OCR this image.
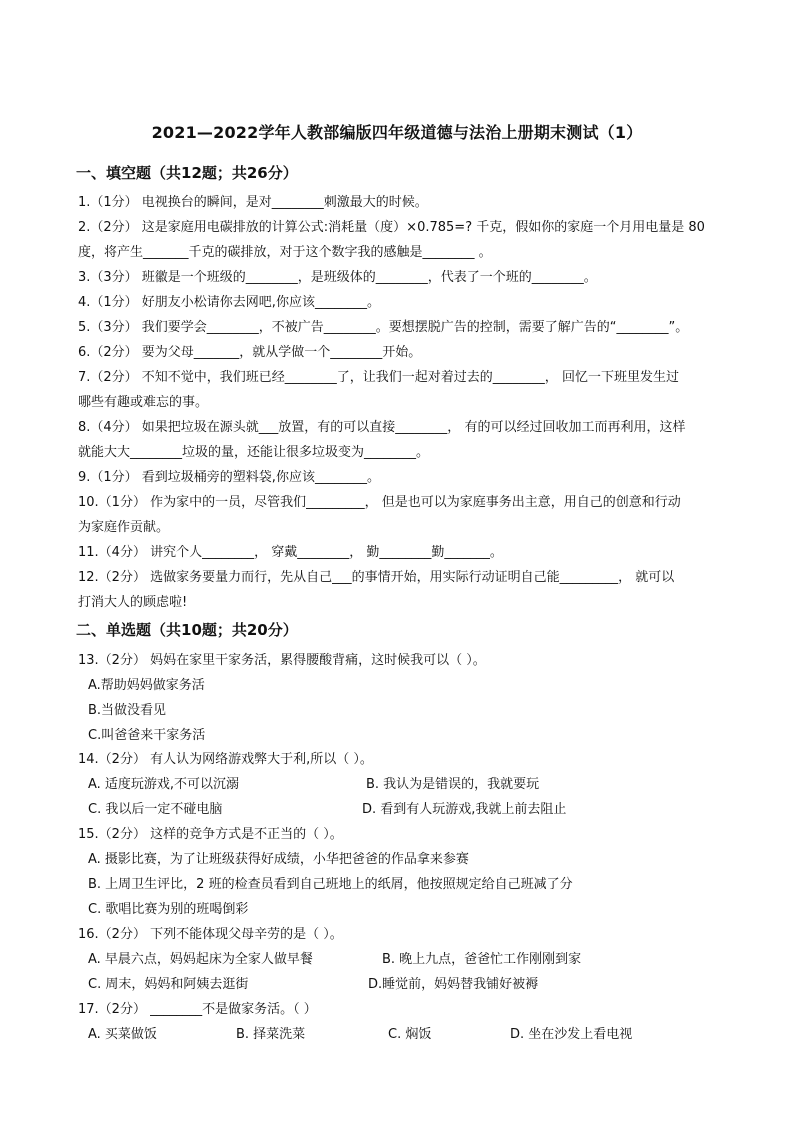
2021—2022学年人教部编版四年级道德与法治上册期末测试（1）
一、填空题（共12题；共26分）
1.（1分） 电视换台的瞬间，是对________刺激最大的时候。
2.（2分） 这是家庭用电碳排放的计算公式:消耗量（度）×0.785=? 千克，假如你的家庭一个月用电量是 80
度，将产生_______千克的碳排放，对于这个数字我的感触是________ 。
3.（3分） 班徽是一个班级的________，是班级体的________，代表了一个班的________。
4.（1分） 好朋友小松请你去网吧,你应该________。
5.（3分） 我们要学会________，不被广告________。要想摆脱广告的控制，需要了解广告的“________”。
6.（2分） 要为父母_______，就从学做一个________开始。
7.（2分） 不知不觉中，我们班已经________了，让我们一起对着过去的________， 回忆一下班里发生过
哪些有趣或难忘的事。
8.（4分） 如果把垃圾在源头就___放置，有的可以直接________， 有的可以经过回收加工而再利用，这样
就能大大________垃圾的量，还能让很多垃圾变为________。
9.（1分） 看到垃圾桶旁的塑料袋,你应该________。
10.（1分） 作为家中的一员，尽管我们_________， 但是也可以为家庭事务出主意，用自己的创意和行动
为家庭作贡献。
11.（4分） 讲究个人________， 穿戴________， 勤________勤_______。
12.（2分） 选做家务要量力而行，先从自己___的事情开始，用实际行动证明自己能_________， 就可以
打消大人的顾虑啦!
二、单选题（共10题；共20分）
13.（2分） 妈妈在家里干家务活，累得腰酸背痛，这时候我可以（ ）。
A.帮助妈妈做家务活
B.当做没看见
C.叫爸爸来干家务活
14.（2分） 有人认为网络游戏弊大于利,所以（ ）。
A. 适度玩游戏,不可以沉溺	B. 我认为是错误的，我就要玩
C. 我以后一定不碰电脑	D. 看到有人玩游戏,我就上前去阻止
15.（2分） 这样的竞争方式是不正当的（ ）。
A. 摄影比赛，为了让班级获得好成绩，小华把爸爸的作品拿来参赛
B. 上周卫生评比，2 班的检查员看到自己班地上的纸屑，他按照规定给自己班减了分
C. 歌唱比赛为别的班喝倒彩
16.（2分） 下列不能体现父母辛劳的是（ ）。
A. 早晨六点，妈妈起床为全家人做早餐	B. 晚上九点，爸爸忙工作刚刚到家
C. 周末，妈妈和阿姨去逛街	D.睡觉前，妈妈替我铺好被褥
17.（2分） ________不是做家务活。（ ）
A. 买菜做饭	B. 择菜洗菜	C. 焖饭	D. 坐在沙发上看电视
